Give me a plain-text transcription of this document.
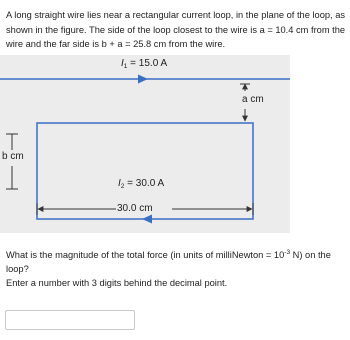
A long straight wire lies near a rectangular current loop, in the plane of the loop, as shown in the figure. The side of the loop closest to the wire is a = 10.4 cm from the wire and the far side is b + a = 25.8 cm from the wire.

$I_1 = 15.0$ A
$I_2 = 30.0$ A
a cm
b cm
30.0 cm

What is the magnitude of the total force (in units of milliNewton = $10^{-3}$ N) on the loop?
Enter a number with 3 digits behind the decimal point.
